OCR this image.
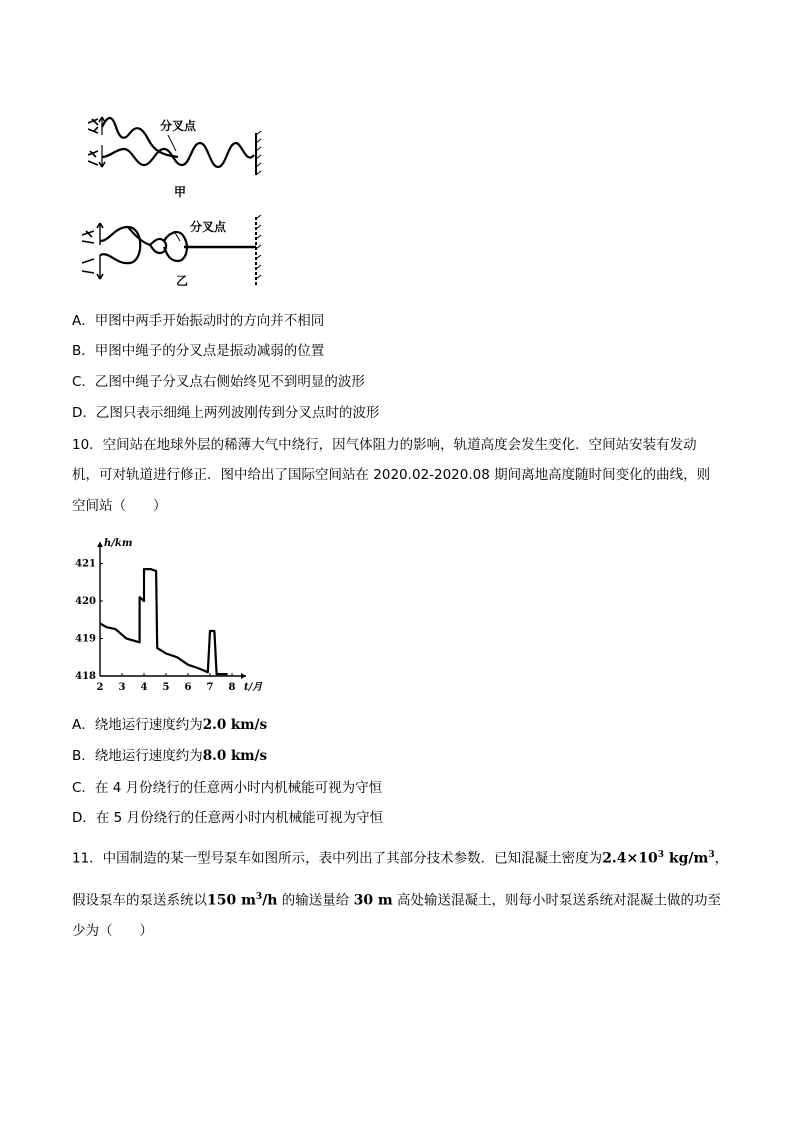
分叉点
甲
分叉点
乙
A．甲图中两手开始振动时的方向并不相同
B．甲图中绳子的分叉点是振动减弱的位置
C．乙图中绳子分叉点右侧始终见不到明显的波形
D．乙图只表示细绳上两列波刚传到分叉点时的波形
10．空间站在地球外层的稀薄大气中绕行，因气体阻力的影响，轨道高度会发生变化．空间站安装有发动
机，可对轨道进行修正．图中给出了国际空间站在 2020.02-2020.08 期间离地高度随时间变化的曲线，则
空间站（　　）
421
420
419
418
2 3 4 5 6 7 8
h/km
t/月
A．绕地运行速度约为2.0 km/s
B．绕地运行速度约为8.0 km/s
C．在 4 月份绕行的任意两小时内机械能可视为守恒
D．在 5 月份绕行的任意两小时内机械能可视为守恒
11．中国制造的某一型号泵车如图所示，表中列出了其部分技术参数．已知混凝土密度为$2.4\times 10^3$ $kg/m^3$，
假设泵车的泵送系统以150 $m^3/h$ 的输送量给 30 m 高处输送混凝土，则每小时泵送系统对混凝土做的功至
少为（　　）
